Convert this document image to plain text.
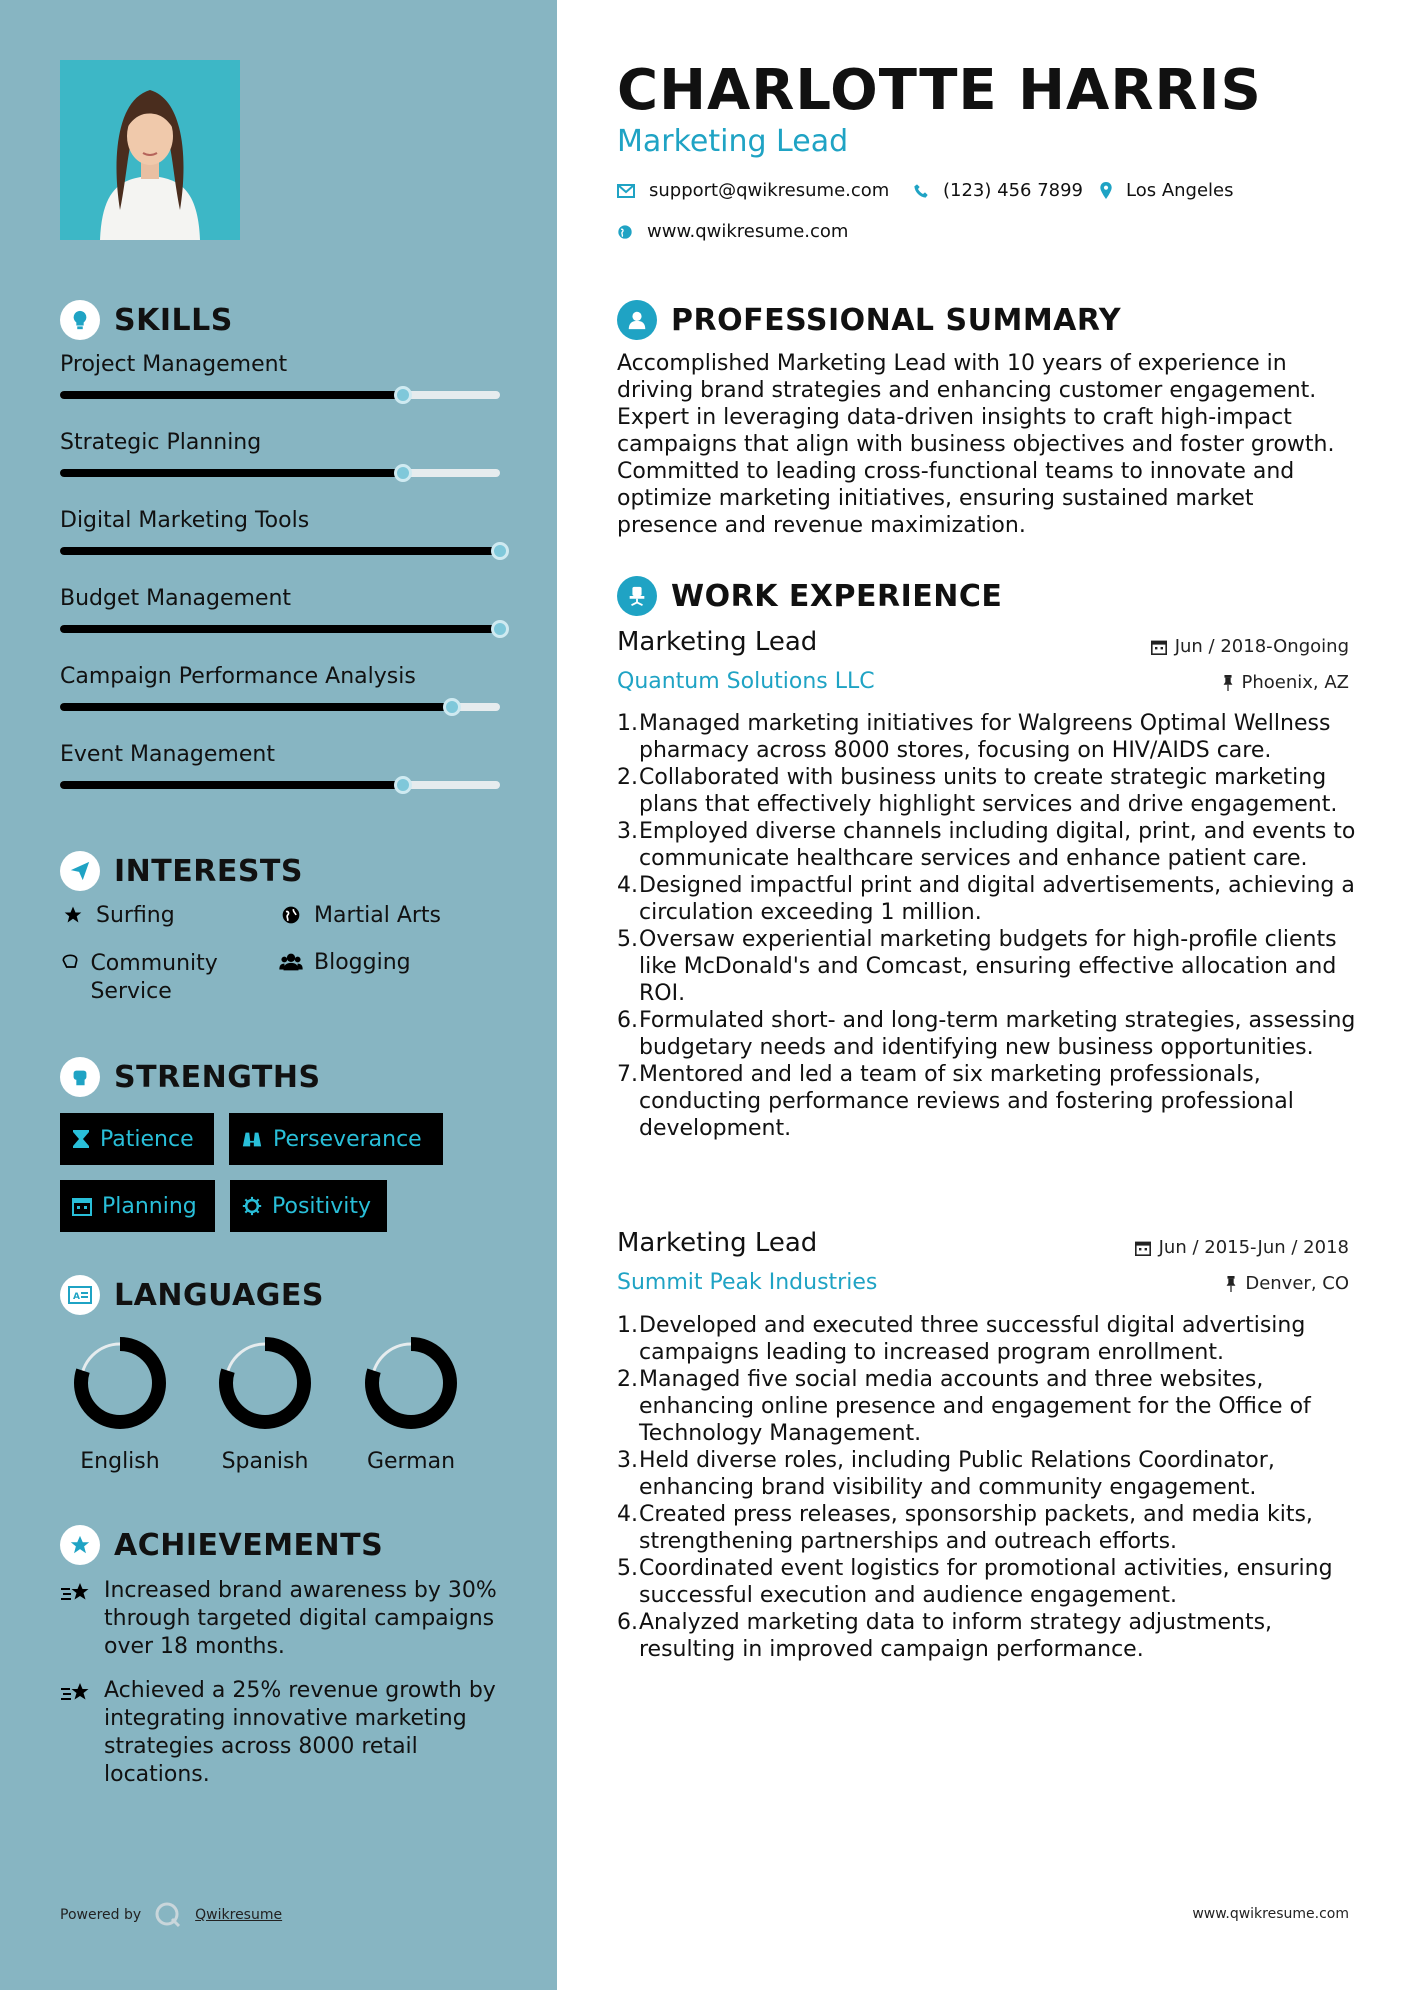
SKILLS
Project Management
Strategic Planning
Digital Marketing Tools
Budget Management
Campaign Performance Analysis
Event Management
INTERESTS
Surfing	Martial Arts
Community Service
Blogging
STRENGTHS
Patience	Perseverance
Planning	Positivity
A LANGUAGES
English	Spanish	German
ACHIEVEMENTS
Increased brand awareness by 30% through targeted digital campaigns over 18 months.
Achieved a 25% revenue growth by integrating innovative marketing strategies across 8000 retail locations.
Powered by	Qwikresume
CHARLOTTE HARRIS
Marketing Lead
support@qwikresume.com	(123) 456 7899 Los Angeles
www.qwikresume.com
PROFESSIONAL SUMMARY
Accomplished Marketing Lead with 10 years of experience in driving brand strategies and enhancing customer engagement. Expert in leveraging data-driven insights to craft high-impact campaigns that align with business objectives and foster growth. Committed to leading cross-functional teams to innovate and optimize marketing initiatives, ensuring sustained market presence and revenue maximization.
WORK EXPERIENCE
Marketing Lead	Jun / 2018-Ongoing
Quantum Solutions LLC	Phoenix, AZ
1. Managed marketing initiatives for Walgreens Optimal Wellness pharmacy across 8000 stores, focusing on HIV/AIDS care.
2. Collaborated with business units to create strategic marketing plans that effectively highlight services and drive engagement.
3. Employed diverse channels including digital, print, and events to communicate healthcare services and enhance patient care.
4. Designed impactful print and digital advertisements, achieving a circulation exceeding 1 million.
5. Oversaw experiential marketing budgets for high-profile clients like McDonald's and Comcast, ensuring effective allocation and ROI.
6. Formulated short- and long-term marketing strategies, assessing budgetary needs and identifying new business opportunities.
7. Mentored and led a team of six marketing professionals, conducting performance reviews and fostering professional development.
Marketing Lead	Jun / 2015-Jun / 2018
Summit Peak Industries	Denver, CO
1. Developed and executed three successful digital advertising campaigns leading to increased program enrollment.
2. Managed five social media accounts and three websites, enhancing online presence and engagement for the Office of Technology Management.
3. Held diverse roles, including Public Relations Coordinator, enhancing brand visibility and community engagement.
4. Created press releases, sponsorship packets, and media kits, strengthening partnerships and outreach efforts.
5. Coordinated event logistics for promotional activities, ensuring successful execution and audience engagement.
6. Analyzed marketing data to inform strategy adjustments, resulting in improved campaign performance.
www.qwikresume.com
